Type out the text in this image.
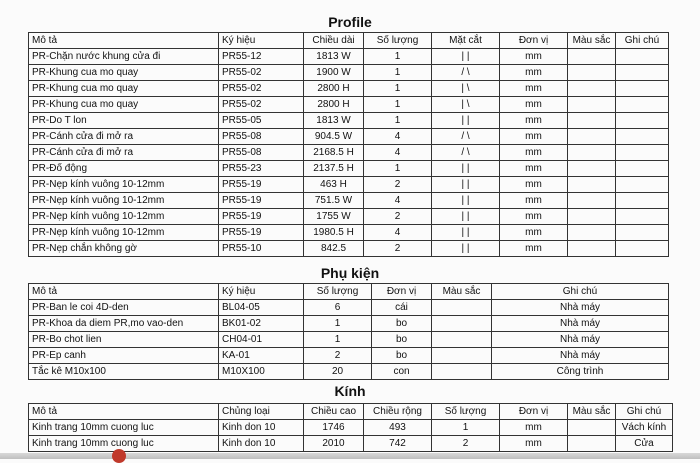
Profile
Mô tả	Ký hiệu	Chiều dài	Số lượng	Mặt cắt	Đơn vị	Màu sắc	Ghi chú
PR-Chặn nước khung cửa đi	PR55-12	1813 W	1	| |	mm		
PR-Khung cua mo quay	PR55-02	1900 W	1	/ \	mm		
PR-Khung cua mo quay	PR55-02	2800 H	1	| \	mm		
PR-Khung cua mo quay	PR55-02	2800 H	1	| \	mm		
PR-Do T lon	PR55-05	1813 W	1	| |	mm		
PR-Cánh cửa đi mở ra	PR55-08	904.5 W	4	/ \	mm		
PR-Cánh cửa đi mở ra	PR55-08	2168.5 H	4	/ \	mm		
PR-Đố động	PR55-23	2137.5 H	1	| |	mm		
PR-Nẹp kính vuông 10-12mm	PR55-19	463 H	2	| |	mm		
PR-Nẹp kính vuông 10-12mm	PR55-19	751.5 W	4	| |	mm		
PR-Nẹp kính vuông 10-12mm	PR55-19	1755 W	2	| |	mm		
PR-Nẹp kính vuông 10-12mm	PR55-19	1980.5 H	4	| |	mm		
PR-Nẹp chắn không gờ	PR55-10	842.5	2	| |	mm		
Phụ kiện
Mô tả	Ký hiệu	Số lượng	Đơn vị	Màu sắc	Ghi chú
PR-Ban le coi 4D-den	BL04-05	6	cái		Nhà máy
PR-Khoa da diem PR,mo vao-den	BK01-02	1	bo		Nhà máy
PR-Bo chot lien	CH04-01	1	bo		Nhà máy
PR-Ep canh	KA-01	2	bo		Nhà máy
Tắc kê M10x100	M10X100	20	con		Công trình
Kính
Mô tả	Chủng loại	Chiều cao	Chiều rộng	Số lượng	Đơn vị	Màu sắc	Ghi chú
Kinh trang 10mm cuong luc	Kinh don 10	1746	493	1	mm		Vách kính
Kinh trang 10mm cuong luc	Kinh don 10	2010	742	2	mm		Cửa
